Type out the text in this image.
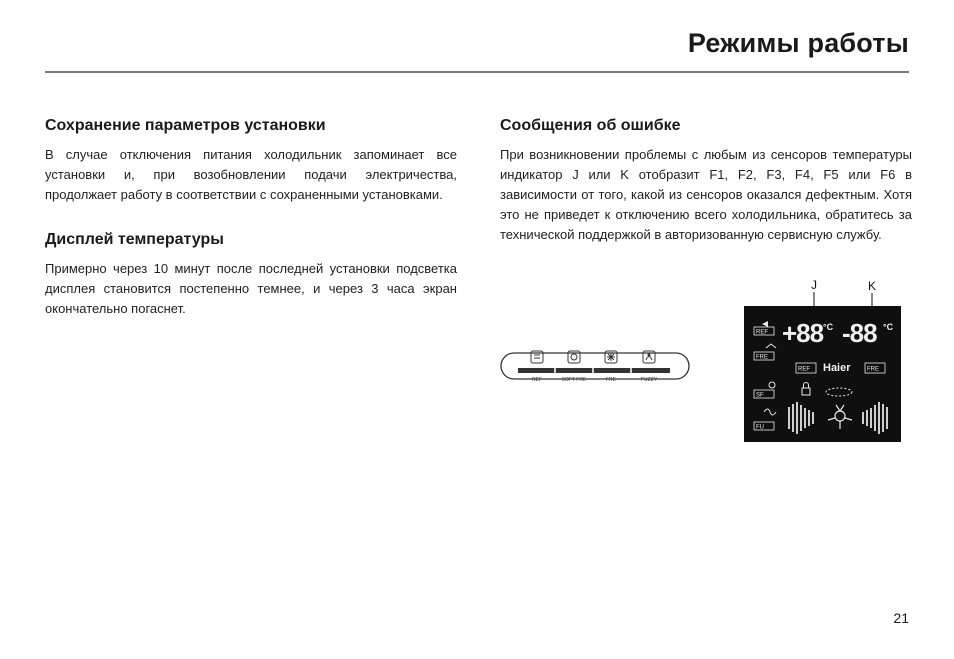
Режимы работы
Сохранение параметров установки

В случае отключения питания холодильник запоминает все установки и, при возобновлении подачи электричества, продолжает работу в соответствии с сохраненными установками.

Дисплей температуры

Примерно через 10 минут после последней установки подсветка дисплея становится постепенно темнее, и через 3 часа экран окончательно погаснет.

Сообщения об ошибке

При возникновении проблемы с любым из сенсоров температуры индикатор J или K отобразит F1, F2, F3, F4, F5 или F6 в зависимости от того, какой из сенсоров оказался дефектным. Хотя это не приведет к отключению всего холодильника, обратитесь за технической поддержкой в авторизованную сервисную службу.

REF	SOFT FRE	FRE	FUZZY
J	K
REF
FRE
SF
FU
+88 °C -88 °C
REF Haier	FRE
21
